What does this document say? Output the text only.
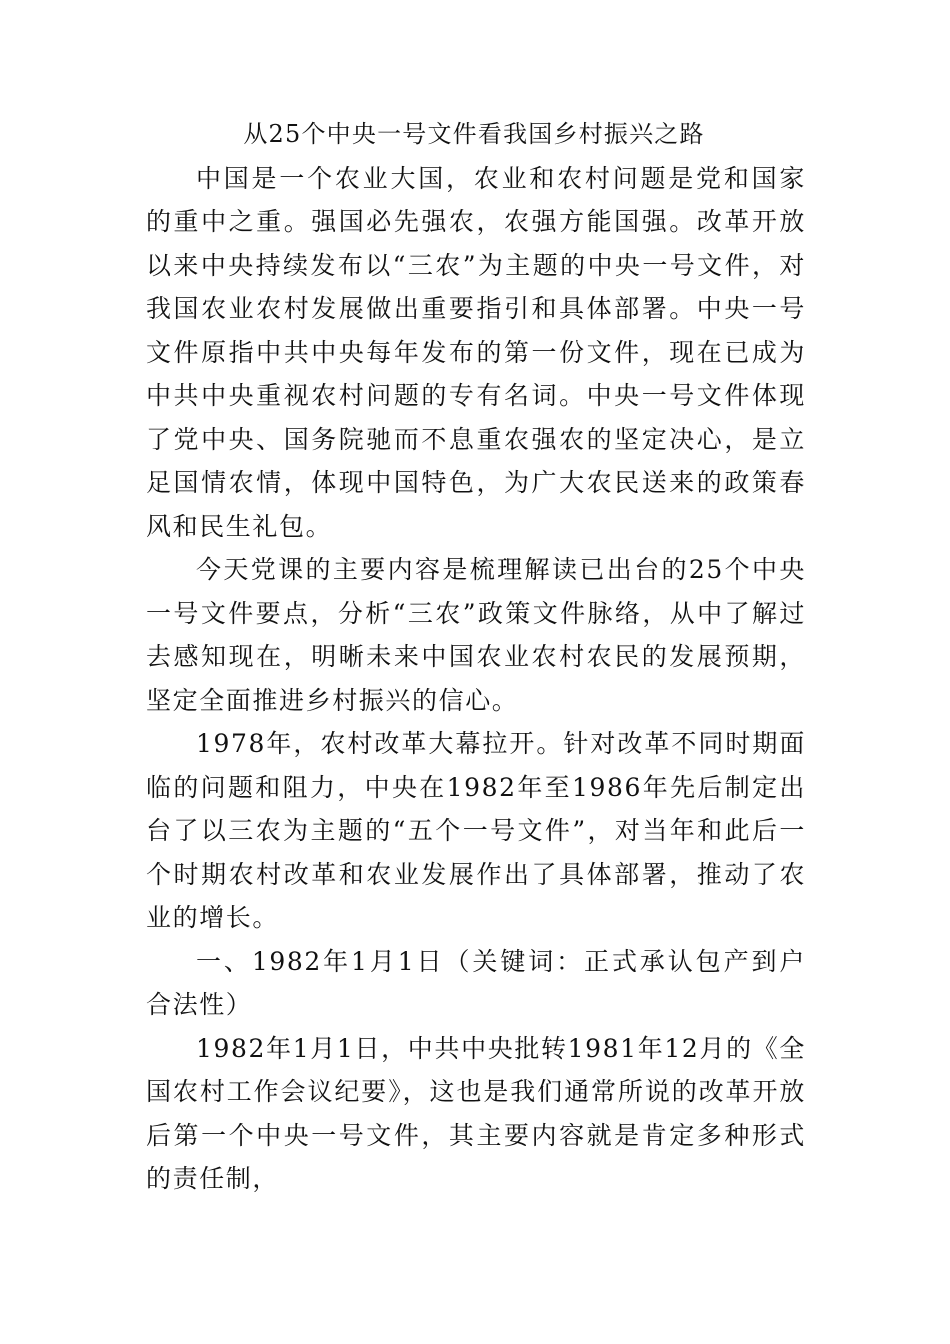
从25个中央一号文件看我国乡村振兴之路

中国是一个农业大国，农业和农村问题是党和国家的重中之重。强国必先强农，农强方能国强。改革开放以来中央持续发布以“三农”为主题的中央一号文件，对我国农业农村发展做出重要指引和具体部署。中央一号文件原指中共中央每年发布的第一份文件，现在已成为中共中央重视农村问题的专有名词。中央一号文件体现了党中央、国务院驰而不息重农强农的坚定决心，是立足国情农情，体现中国特色，为广大农民送来的政策春风和民生礼包。

今天党课的主要内容是梳理解读已出台的25个中央一号文件要点，分析“三农”政策文件脉络，从中了解过去感知现在，明晰未来中国农业农村农民的发展预期，坚定全面推进乡村振兴的信心。

1978年，农村改革大幕拉开。针对改革不同时期面临的问题和阻力，中央在1982年至1986年先后制定出台了以三农为主题的“五个一号文件”，对当年和此后一个时期农村改革和农业发展作出了具体部署，推动了农业的增长。

一、1982年1月1日（关键词：正式承认包产到户合法性）

1982年1月1日，中共中央批转1981年12月的《全国农村工作会议纪要》，这也是我们通常所说的改革开放后第一个中央一号文件，其主要内容就是肯定多种形式的责任制，
